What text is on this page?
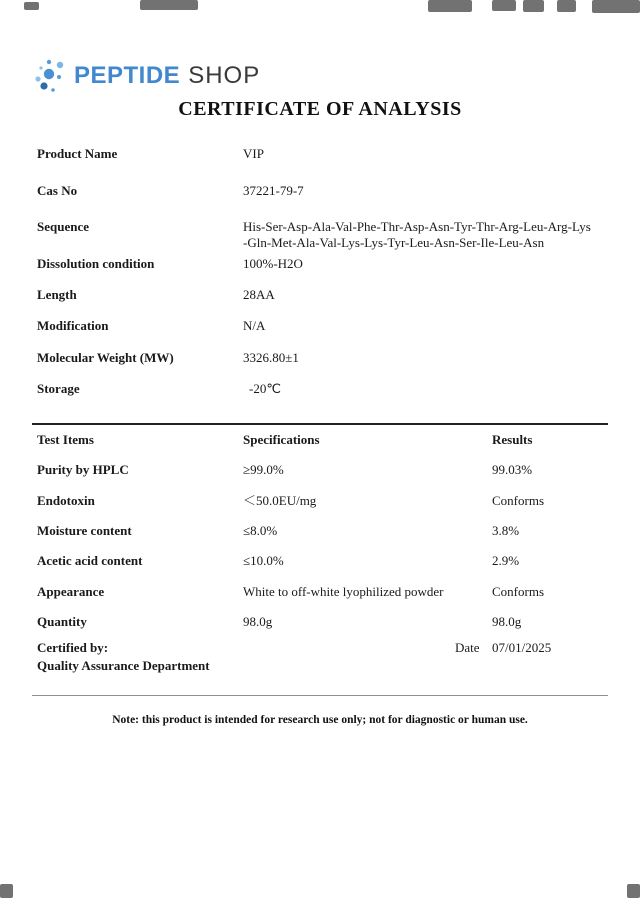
PEPTIDE SHOP
CERTIFICATE OF ANALYSIS
Product Name	VIP
Cas No	37221-79-7
Sequence	His-Ser-Asp-Ala-Val-Phe-Thr-Asp-Asn-Tyr-Thr-Arg-Leu-Arg-Lys
-Gln-Met-Ala-Val-Lys-Lys-Tyr-Leu-Asn-Ser-Ile-Leu-Asn
Dissolution condition	100%-H2O
Length	28AA
Modification	N/A
Molecular Weight (MW)	3326.80±1
Storage	-20℃
Test Items	Specifications	Results
Purity by HPLC	≥99.0%	99.03%
Endotoxin	＜50.0EU/mg	Conforms
Moisture content	≤8.0%	3.8%
Acetic acid content	≤10.0%	2.9%
Appearance	White to off-white lyophilized powder	Conforms
Quantity	98.0g	98.0g
Certified by:	Date 07/01/2025
Quality Assurance Department
Note: this product is intended for research use only; not for diagnostic or human use.
